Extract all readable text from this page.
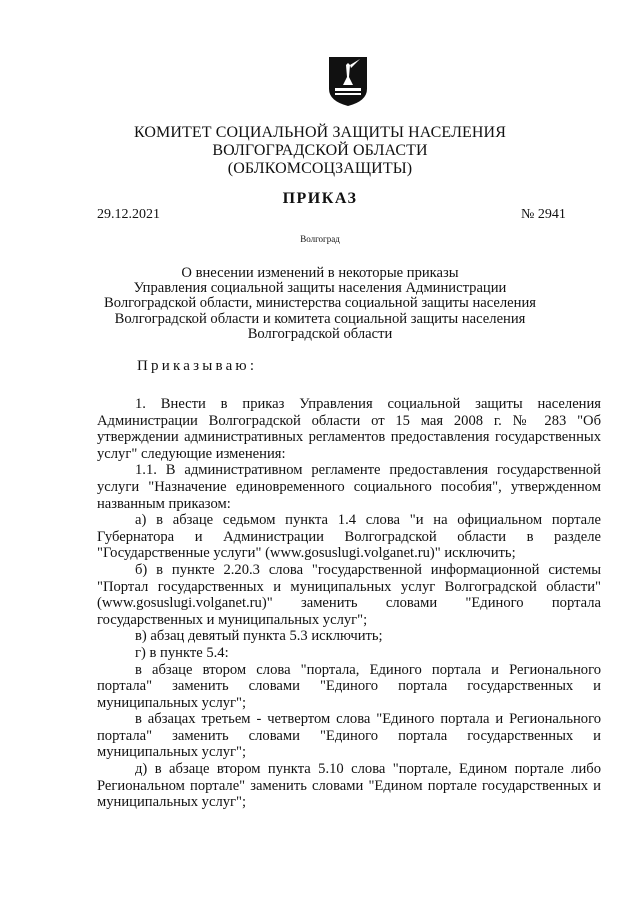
КОМИТЕТ СОЦИАЛЬНОЙ ЗАЩИТЫ НАСЕЛЕНИЯ
ВОЛГОГРАДСКОЙ ОБЛАСТИ
(ОБЛКОМСОЦЗАЩИТЫ)
ПРИКАЗ
29.12.2021	№ 2941
Волгоград
О внесении изменений в некоторые приказы
Управления социальной защиты населения Администрации
Волгоградской области, министерства социальной защиты населения
Волгоградской области и комитета социальной защиты населения
Волгоградской области
Приказываю:

1. Внести в приказ Управления социальной защиты населения Администрации Волгоградской области от 15 мая 2008 г. № 283 "Об утверждении административных регламентов предоставления государственных услуг" следующие изменения:

1.1. В административном регламенте предоставления государственной услуги "Назначение единовременного социального пособия", утвержденном названным приказом:

а) в абзаце седьмом пункта 1.4 слова "и на официальном портале Губернатора и Администрации Волгоградской области в разделе "Государственные услуги" (www.gosuslugi.volganet.ru)" исключить;

б) в пункте 2.20.3 слова "государственной информационной системы "Портал государственных и муниципальных услуг Волгоградской области" (www.gosuslugi.volganet.ru)" заменить словами "Единого портала государственных и муниципальных услуг";

в) абзац девятый пункта 5.3 исключить;

г) в пункте 5.4:

в абзаце втором слова "портала, Единого портала и Регионального портала" заменить словами "Единого портала государственных и муниципальных услуг";

в абзацах третьем - четвертом слова "Единого портала и Регионального портала" заменить словами "Единого портала государственных и муниципальных услуг";

д) в абзаце втором пункта 5.10 слова "портале, Едином портале либо Региональном портале" заменить словами "Едином портале государственных и муниципальных услуг";
